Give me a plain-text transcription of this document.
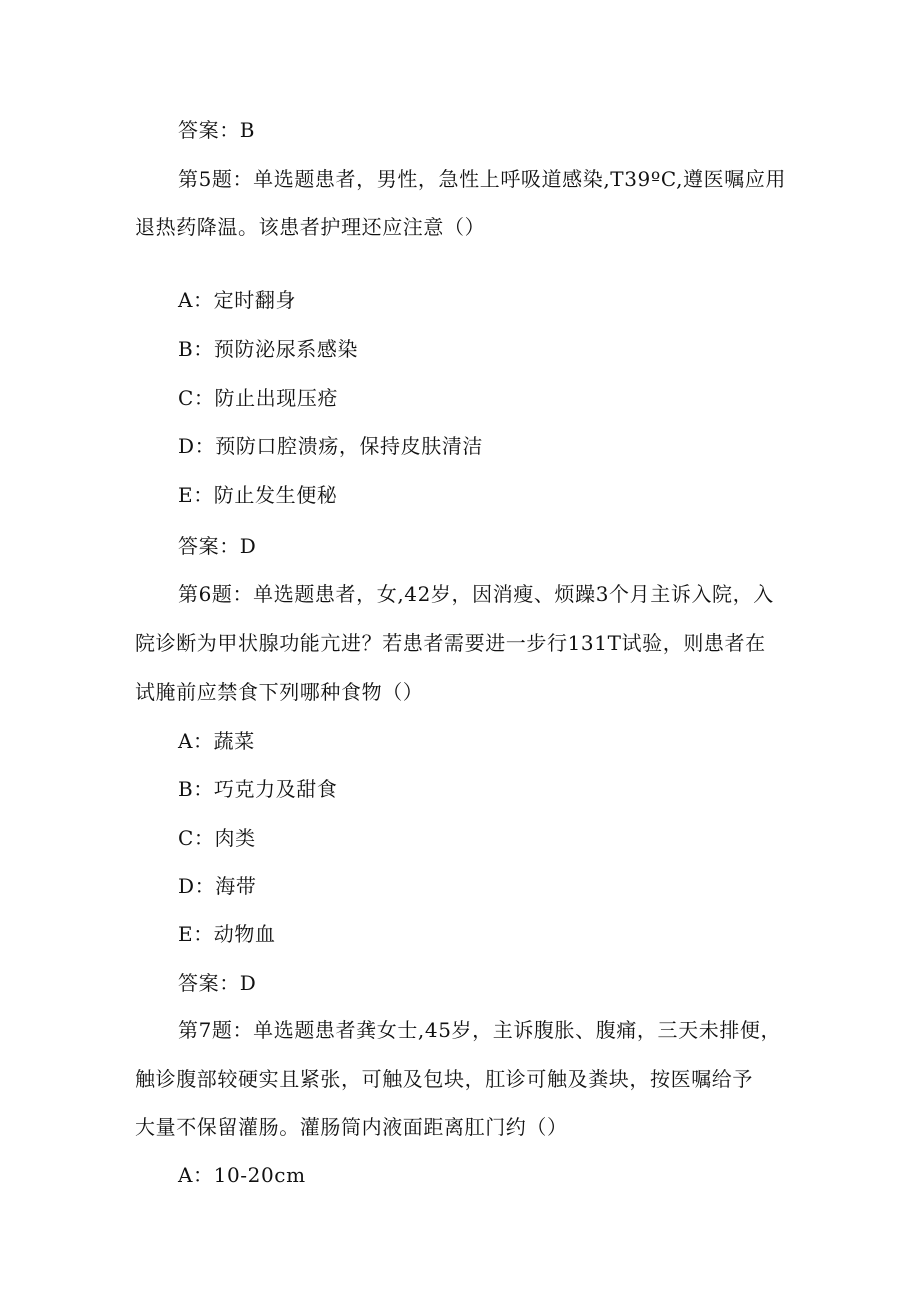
答案：B
第5题：单选题患者，男性，急性上呼吸道感染,T39ºC,遵医嘱应用
退热药降温。该患者护理还应注意（）
A：定时翻身
B：预防泌尿系感染
C：防止出现压疮
D：预防口腔溃疡，保持皮肤清洁
E：防止发生便秘
答案：D
第6题：单选题患者，女,42岁，因消瘦、烦躁3个月主诉入院，入
院诊断为甲状腺功能亢进？若患者需要进一步行131T试验，则患者在
试腌前应禁食下列哪种食物（）
A：蔬菜
B：巧克力及甜食
C：肉类
D：海带
E：动物血
答案：D
第7题：单选题患者龚女士,45岁，主诉腹胀、腹痛，三天未排便，
触诊腹部较硬实且紧张，可触及包块，肛诊可触及粪块，按医嘱给予
大量不保留灌肠。灌肠筒内液面距离肛门约（）
A：10-20cm
